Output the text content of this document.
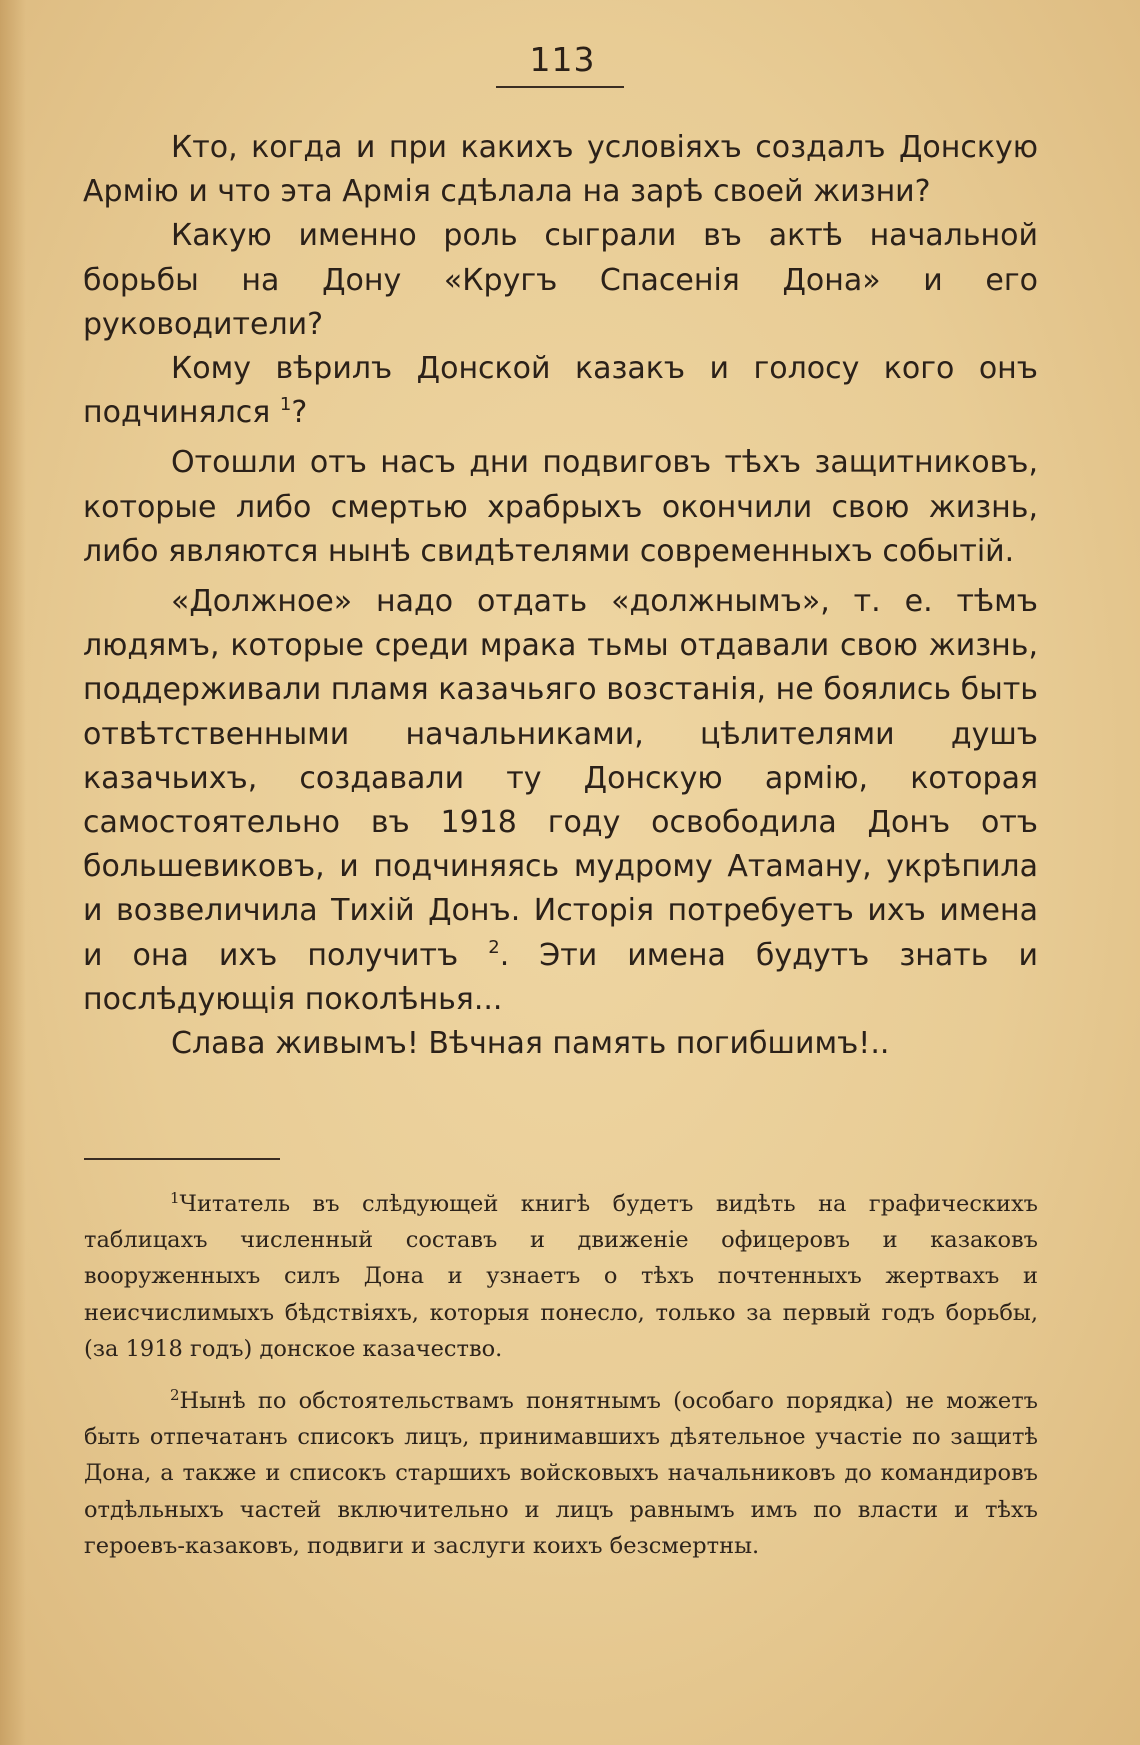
113

Кто, когда и при какихъ условіяхъ создалъ Донскую Армію и что эта Армія сдѣлала на зарѣ своей жизни?

Какую именно роль сыграли въ актѣ начальной борьбы на Дону «Кругъ Спасенія Дона» и его руководители?

Кому вѣрилъ Донской казакъ и голосу кого онъ подчинялся $^1$?

Отошли отъ насъ дни подвиговъ тѣхъ защитниковъ, которые либо смертью храбрыхъ окончили свою жизнь, либо являются нынѣ свидѣтелями современныхъ событій.

«Должное» надо отдать «должнымъ», т. е. тѣмъ людямъ, которые среди мрака тьмы отдавали свою жизнь, поддерживали пламя казачьяго возстанія, не боялись быть отвѣтственными начальниками, цѣлителями душъ казачьихъ, создавали ту Донскую армію, которая самостоятельно въ 1918 году освободила Донъ отъ большевиковъ, и подчиняясь мудрому Атаману, укрѣпила и возвеличила Тихій Донъ. Исторія потребуетъ ихъ имена и она ихъ получитъ $^2$. Эти имена будутъ знать и послѣдующія поколѣнья...

Слава живымъ! Вѣчная память погибшимъ!..

$^1$Читатель въ слѣдующей книгѣ будетъ видѣть на графическихъ таблицахъ численный составъ и движеніе офицеровъ и казаковъ вооруженныхъ силъ Дона и узнаетъ о тѣхъ почтенныхъ жертвахъ и неисчислимыхъ бѣдствіяхъ, которыя понесло, только за первый годъ борьбы, (за 1918 годъ) донское казачество.

$^2$Нынѣ по обстоятельствамъ понятнымъ (особаго порядка) не можетъ быть отпечатанъ списокъ лицъ, принимавшихъ дѣятельное участіе по защитѣ Дона, а также и списокъ старшихъ войсковыхъ начальниковъ до командировъ отдѣльныхъ частей включительно и лицъ равнымъ имъ по власти и тѣхъ героевъ-казаковъ, подвиги и заслуги коихъ безсмертны.
